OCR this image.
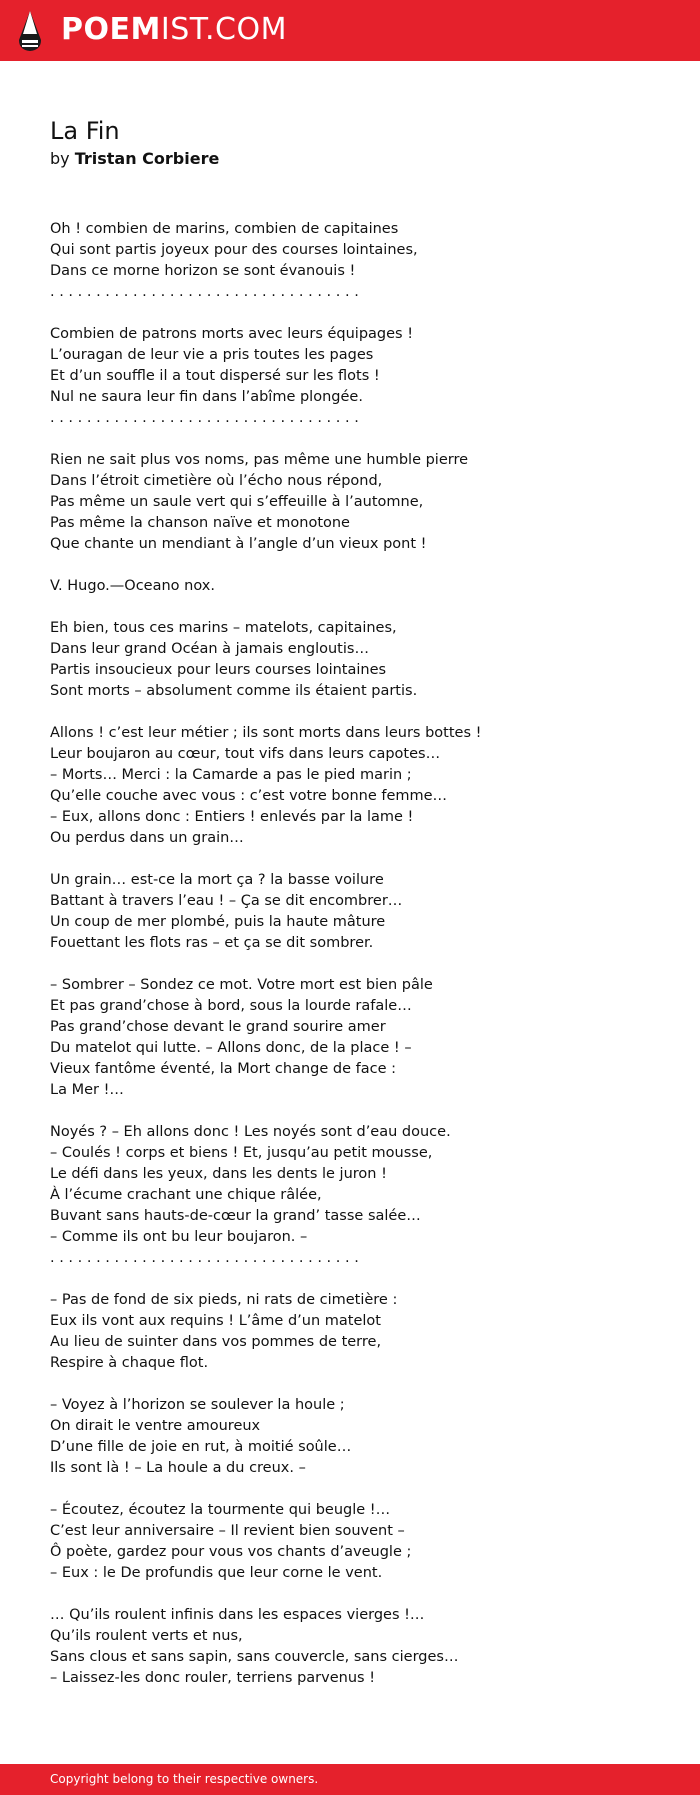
POEMIST.COM
La Fin
by Tristan Corbiere
Oh ! combien de marins, combien de capitaines
Qui sont partis joyeux pour des courses lointaines,
Dans ce morne horizon se sont évanouis !
. . . . . . . . . . . . . . . . . . . . . . . . . . . . . . . . . .
Combien de patrons morts avec leurs équipages !
L’ouragan de leur vie a pris toutes les pages
Et d’un souffle il a tout dispersé sur les flots !
Nul ne saura leur fin dans l’abîme plongée.
. . . . . . . . . . . . . . . . . . . . . . . . . . . . . . . . . .
Rien ne sait plus vos noms, pas même une humble pierre
Dans l’étroit cimetière où l’écho nous répond,
Pas même un saule vert qui s’effeuille à l’automne,
Pas même la chanson naïve et monotone
Que chante un mendiant à l’angle d’un vieux pont !
V. Hugo.—Oceano nox.
Eh bien, tous ces marins – matelots, capitaines,
Dans leur grand Océan à jamais engloutis…
Partis insoucieux pour leurs courses lointaines
Sont morts – absolument comme ils étaient partis.
Allons ! c’est leur métier ; ils sont morts dans leurs bottes !
Leur boujaron au cœur, tout vifs dans leurs capotes…
– Morts… Merci : la Camarde a pas le pied marin ;
Qu’elle couche avec vous : c’est votre bonne femme…
– Eux, allons donc : Entiers ! enlevés par la lame !
Ou perdus dans un grain…
Un grain… est-ce la mort ça ? la basse voilure
Battant à travers l’eau ! – Ça se dit encombrer…
Un coup de mer plombé, puis la haute mâture
Fouettant les flots ras – et ça se dit sombrer.
– Sombrer – Sondez ce mot. Votre mort est bien pâle
Et pas grand’chose à bord, sous la lourde rafale…
Pas grand’chose devant le grand sourire amer
Du matelot qui lutte. – Allons donc, de la place ! –
Vieux fantôme éventé, la Mort change de face :
La Mer !…
Noyés ? – Eh allons donc ! Les noyés sont d’eau douce.
– Coulés ! corps et biens ! Et, jusqu’au petit mousse,
Le défi dans les yeux, dans les dents le juron !
À l’écume crachant une chique râlée,
Buvant sans hauts-de-cœur la grand’ tasse salée…
– Comme ils ont bu leur boujaron. –
. . . . . . . . . . . . . . . . . . . . . . . . . . . . . . . . . .
– Pas de fond de six pieds, ni rats de cimetière :
Eux ils vont aux requins ! L’âme d’un matelot
Au lieu de suinter dans vos pommes de terre,
Respire à chaque flot.
– Voyez à l’horizon se soulever la houle ;
On dirait le ventre amoureux
D’une fille de joie en rut, à moitié soûle…
Ils sont là ! – La houle a du creux. –
– Écoutez, écoutez la tourmente qui beugle !…
C’est leur anniversaire – Il revient bien souvent –
Ô poète, gardez pour vous vos chants d’aveugle ;
– Eux : le De profundis que leur corne le vent.
… Qu’ils roulent infinis dans les espaces vierges !…
Qu’ils roulent verts et nus,
Sans clous et sans sapin, sans couvercle, sans cierges…
– Laissez-les donc rouler, terriens parvenus !
Copyright belong to their respective owners.
